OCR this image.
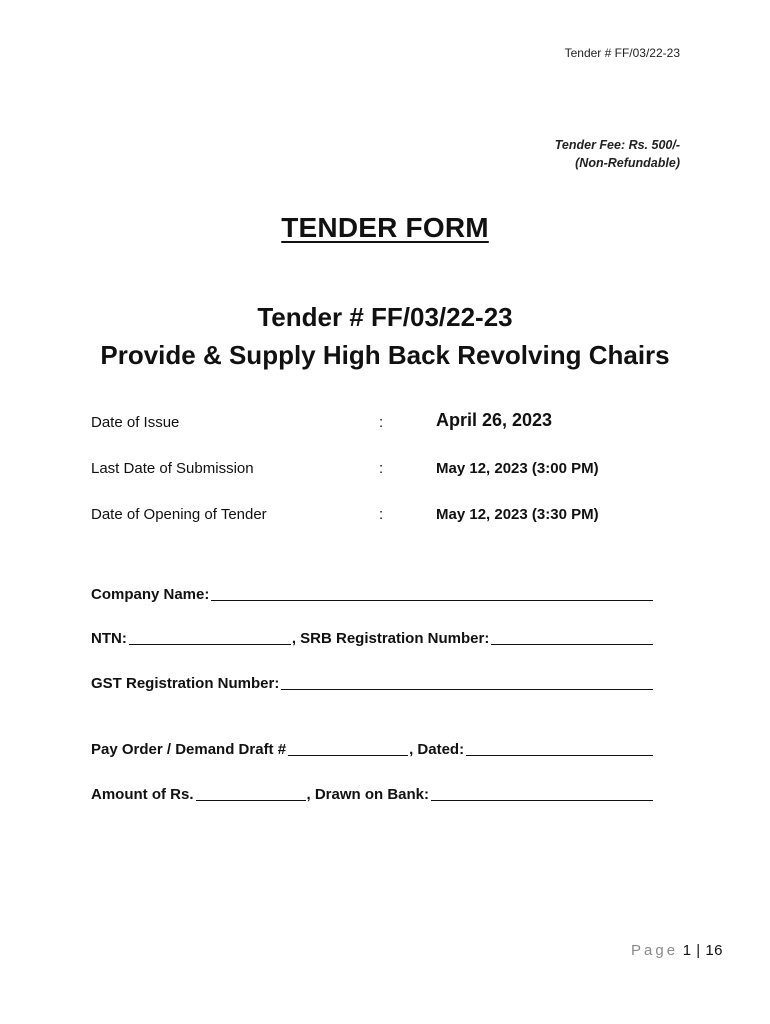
Tender # FF/03/22-23
Tender Fee: Rs. 500/-
(Non-Refundable)
TENDER FORM
Tender # FF/03/22-23
Provide & Supply High Back Revolving Chairs
Date of Issue	:	April 26, 2023
Last Date of Submission	:	May 12, 2023 (3:00 PM)
Date of Opening of Tender	:	May 12, 2023 (3:30 PM)
Company Name:
NTN:	, SRB Registration Number:
GST Registration Number:
Pay Order / Demand Draft #	, Dated:
Amount of Rs.	, Drawn on Bank:
Page 1 | 16
